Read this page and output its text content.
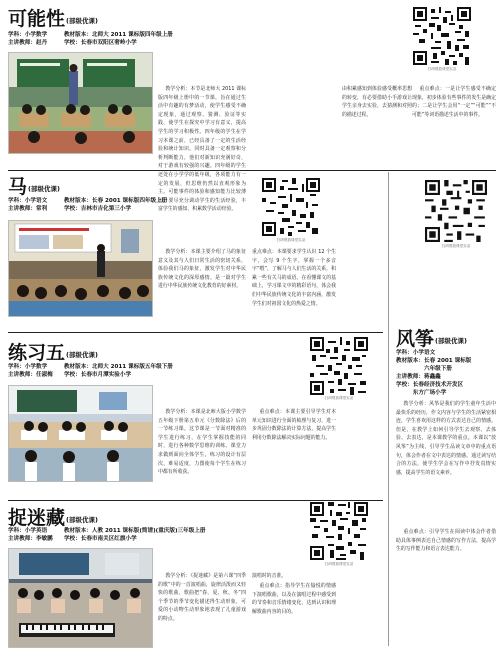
可能性(部级优课)
学科：小学数学　　　教材版本：北师大 2011 课标版四年级上册
主讲教师：赵丹　　　学校：长春市双阳区奢岭小学
扫码观看课堂实录
教学分析：本节是北师大 2011 课标版四年级上册中的一节课，旨在通过生活中有趣的有梦活动，使学生感受不确定现象，通过观察、猜测、验证等实践，使学生在探究中学习有意义，提高学生的学习积极性。四年级的学生在学习本课之前，已经具备了一定的生活经验和统计知识，同时具备一定观察和分析判断能力，他们对新知识充满好奇，对于游戏有较强的兴趣。四年级的学生还处在小学学的低年级，各项能力有一定的发展，但思维仍然以直观形象为主。可能事件的体验和感知能力比较薄弱，要尽充分调动学生的生活经验，丰富学生的感知，积累数学活动经验。
由积累感知到体验感受概率思想的转变，有必要借助小手游戏让学生亲身去实验，去猜测和对照的描述过程。
重点难点：一是让学生感受不确定现象，初步体验有些事件的发生是确定的；二是让学生会用“一定”“可能”“不可能”等词语描述生活中的事件。
马(部级优课)
学科：小学语文　　　教材版本：长春 2001 课标版四年级上册
主讲教师：常利　　　学校：吉林市吉化第三小学
扫码观看课堂实录
教学分析：本课主要介绍了马的象征意义及其与人们日常生活的密切关系，体验我们马的象征，激发学生对中华民族传统文化的深厚感情。是一篇对学生进行中华民族传统文化教育的好素材。
重点难点：本课要求学生认识 12 个生字，会写 9 个生字，掌握一个多音字“喂”，了解马与人们生活的关系，积累一些有关马的成语。在看懂课文的基础上，学习课文中的精彩语句，体会我们中华民族传统文化的丰富内涵，激发学生们对祖国文化的热爱之情。
扫码观看课堂实录
风筝(部级优课)
学科：小学语文
教材版本：长春 2001 课标版
　　　　　六年级下册
主讲教师：蒋鑫鑫
学校：长春经济技术开发区
　　　东方广场小学
教学分析：风筝是我们的学生童年生活中最快乐的经历，作文内容与学生的生活紧密相连，学生喜欢用这样的方式表达自己的情感。但是，在教学上如何引导学生去观察、去体验、去表达，是本课教学的重点。本课以“放风筝”为主线，引导学生品读文章中的重点语句，体会作者在文中表达的情感。通过读写结合的方法，使学生学会在写作中抒发真情实感，提高学生的语文素养。
重点难点：引导学生在阅读中体会作者借助具体事例表达自己情感的写作方法，提高学生的写作能力和语言表达能力。
练习五(部级优课)
学科：小学数学　　　教材版本：北师大 2011 课标版五年级下册
主讲教师：任淑梅　　学校：长春市月潭实验小学
扫码观看课堂实录
教学分析：本课是北师大版小学数学五年级下册第五单元《分数除法》后的一节练习课。这节课是一节面对精准的学生进行练习，在学生掌握技能的同时，进行各种数学思维的训练。课堂力求做到面向全体学生，练习的设计有层次，难易适度，力图使每个学生在练习中都有所收获。
重点难点：本课主要引导学生对本单元知识进行全面的梳理与复习，进一步巩固分数除法的计算方法，提高学生利用分数除法解决实际问题的能力。
捉迷藏(部级优课)
学科：小学英语　　　教材版本：人教 2011 课标版(简谱)(重庆版)三年级上册
主讲教师：李敏鹏　　学校：长春市南关区红旗小学
扫码观看课堂实录
教学分析：《捉迷藏》是第六课“四季的歌”中的一首演唱曲，旋律活泼而又轻快的歌曲，歌曲把“春、夏、秋、冬”四个季节的季节变化描述得生动形象，可爱的小动物生动形象地表现了儿童游戏的特点。
演唱时的音准。
重点难点：指导学生在愉悦的情感下演唱歌曲，以及在演唱过程中感受到的节奏和音乐情绪变化，达到认识和理解歌曲内容的目的。
